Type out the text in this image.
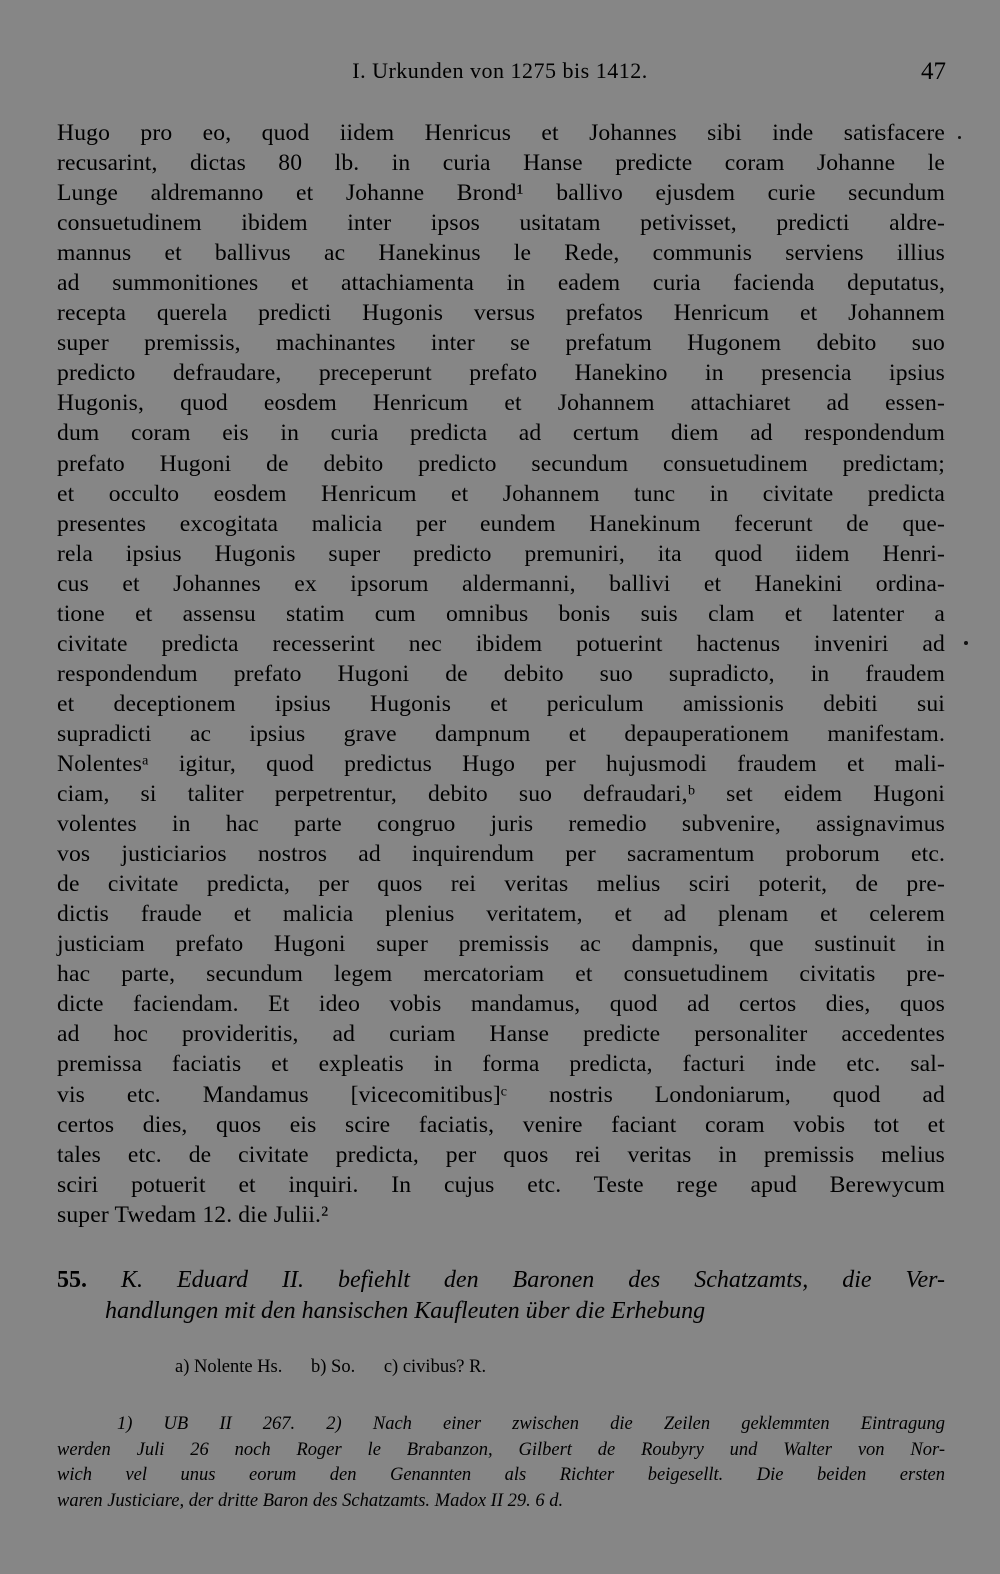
I. Urkunden von 1275 bis 1412.	47
Hugo pro eo, quod iidem Henricus et Johannes sibi inde satisfacere
recusarint, dictas 80 lb. in curia Hanse predicte coram Johanne le
Lunge aldremanno et Johanne Brond¹ ballivo ejusdem curie secundum
consuetudinem ibidem inter ipsos usitatam petivisset, predicti aldre-
mannus et ballivus ac Hanekinus le Rede, communis serviens illius
ad summonitiones et attachiamenta in eadem curia facienda deputatus,
recepta querela predicti Hugonis versus prefatos Henricum et Johannem
super premissis, machinantes inter se prefatum Hugonem debito suo
predicto defraudare, preceperunt prefato Hanekino in presencia ipsius
Hugonis, quod eosdem Henricum et Johannem attachiaret ad essen-
dum coram eis in curia predicta ad certum diem ad respondendum
prefato Hugoni de debito predicto secundum consuetudinem predictam;
et occulto eosdem Henricum et Johannem tunc in civitate predicta
presentes excogitata malicia per eundem Hanekinum fecerunt de que-
rela ipsius Hugonis super predicto premuniri, ita quod iidem Henri-
cus et Johannes ex ipsorum aldermanni, ballivi et Hanekini ordina-
tione et assensu statim cum omnibus bonis suis clam et latenter a
civitate predicta recesserint nec ibidem potuerint hactenus inveniri ad
respondendum prefato Hugoni de debito suo supradicto, in fraudem
et deceptionem ipsius Hugonis et periculum amissionis debiti sui
supradicti ac ipsius grave dampnum et depauperationem manifestam.
Nolentesᵃ igitur, quod predictus Hugo per hujusmodi fraudem et mali-
ciam, si taliter perpetrentur, debito suo defraudari,ᵇ set eidem Hugoni
volentes in hac parte congruo juris remedio subvenire, assignavimus
vos justiciarios nostros ad inquirendum per sacramentum proborum etc.
de civitate predicta, per quos rei veritas melius sciri poterit, de pre-
dictis fraude et malicia plenius veritatem, et ad plenam et celerem
justiciam prefato Hugoni super premissis ac dampnis, que sustinuit in
hac parte, secundum legem mercatoriam et consuetudinem civitatis pre-
dicte faciendam. Et ideo vobis mandamus, quod ad certos dies, quos
ad hoc provideritis, ad curiam Hanse predicte personaliter accedentes
premissa faciatis et expleatis in forma predicta, facturi inde etc. sal-
vis etc. Mandamus [vicecomitibus]ᶜ nostris Londoniarum, quod ad
certos dies, quos eis scire faciatis, venire faciant coram vobis tot et
tales etc. de civitate predicta, per quos rei veritas in premissis melius
sciri potuerit et inquiri. In cujus etc. Teste rege apud Berewycum
super Twedam 12. die Julii.²
55. K. Eduard II. befiehlt den Baronen des Schatzamts, die Ver-
handlungen mit den hansischen Kaufleuten über die Erhebung
a) Nolente Hs. b) So. c) civibus? R.
1) UB II 267. 2) Nach einer zwischen die Zeilen geklemmten Eintragung
werden Juli 26 noch Roger le Brabanzon, Gilbert de Roubyry und Walter von Nor-
wich vel unus eorum den Genannten als Richter beigesellt. Die beiden ersten
waren Justiciare, der dritte Baron des Schatzamts. Madox II 29. 6 d.
